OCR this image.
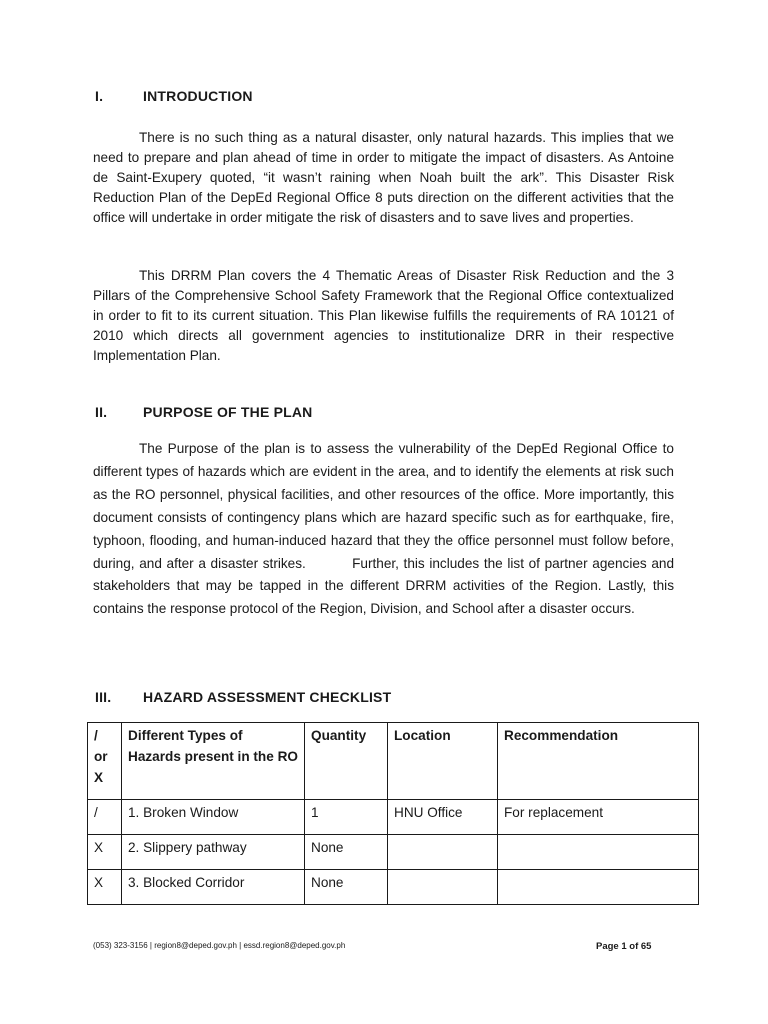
I.	INTRODUCTION
There is no such thing as a natural disaster, only natural hazards. This implies that we need to prepare and plan ahead of time in order to mitigate the impact of disasters. As Antoine de Saint-Exupery quoted, “it wasn’t raining when Noah built the ark”. This Disaster Risk Reduction Plan of the DepEd Regional Office 8 puts direction on the different activities that the office will undertake in order mitigate the risk of disasters and to save lives and properties.
This DRRM Plan covers the 4 Thematic Areas of Disaster Risk Reduction and the 3 Pillars of the Comprehensive School Safety Framework that the Regional Office contextualized in order to fit to its current situation. This Plan likewise fulfills the requirements of RA 10121 of 2010 which directs all government agencies to institutionalize DRR in their respective Implementation Plan.
II.	PURPOSE OF THE PLAN
The Purpose of the plan is to assess the vulnerability of the DepEd Regional Office to different types of hazards which are evident in the area, and to identify the elements at risk such as the RO personnel, physical facilities, and other resources of the office. More importantly, this document consists of contingency plans which are hazard specific such as for earthquake, fire, typhoon, flooding, and human-induced hazard that they the office personnel must follow before, during, and after a disaster strikes.          Further, this includes the list of partner agencies and stakeholders that may be tapped in the different DRRM activities of the Region. Lastly, this contains the response protocol of the Region, Division, and School after a disaster occurs.
III. HAZARD ASSESSMENT CHECKLIST
/ or X	Different Types of Hazards present in the RO	Quantity	Location	Recommendation
/	1. Broken Window	1	HNU Office	For replacement
X	2. Slippery pathway	None		
X	3. Blocked Corridor	None		
(053) 323-3156 | region8@deped.gov.ph | essd.region8@deped.gov.ph	Page 1 of 65
